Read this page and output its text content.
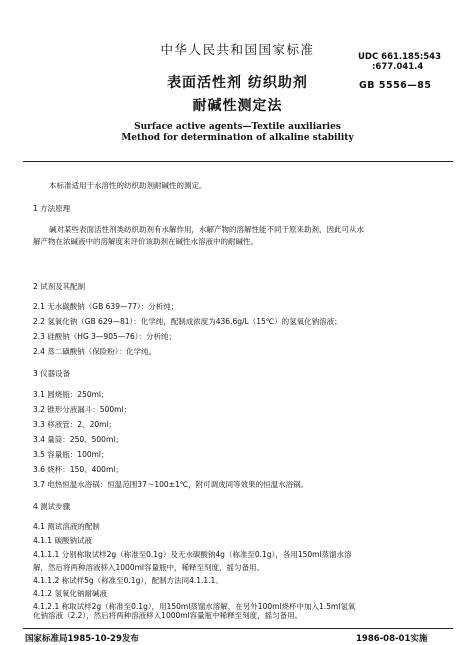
中华人民共和国国家标准	UDC 661.185:543
:677.041.4
GB 5556—85
表面活性剂 纺织助剂
耐碱性测定法
Surface active agents—Textile auxiliaries
Method for determination of alkaline stability
本标准适用于水溶性的纺织助剂耐碱性的测定。
1 方法原理
碱对某些表面活性剂类纺织助剂有水解作用，水解产物的溶解性能不同于原来助剂，因此可从水
解产物在浓碱液中的溶解度来评价该助剂在碱性水溶液中的耐碱性。
2 试剂及其配制
2.1 无水碳酸钠（GB 639—77）：分析纯；
2.2 氢氧化钠（GB 629—81）：化学纯，配制成浓度为436.6g/L（15℃）的氢氧化钠溶液；
2.3 硅酸钠（HG 3—905—76）：分析纯；
2.4 蒸二磺酸钠（保险粉）：化学纯。
3 仪器设备
3.1 圆烧瓶：250ml；
3.2 锥形分液漏斗：500ml；
3.3 移液管：2、20ml；
3.4 量筒：250、500ml；
3.5 容量瓶：100ml；
3.6 烧杯：150、400ml；
3.7 电热恒温水浴锅：恒温范围37～100±1℃，附可调成同等效果的恒温水浴锅。
4 测试步骤
4.1 测试溶液的配制
4.1.1 碳酸钠试液
4.1.1.1 分别称取试样2g（称准至0.1g）及无水碳酸钠4g（称准至0.1g），各用150ml蒸馏水溶
解，然后将两种溶液移入1000ml容量瓶中，稀释至刻度，摇匀备用。
4.1.1.2 称试样5g（称准至0.1g），配制方法同4.1.1.1。
4.1.2 氢氧化钠耐碱液
4.1.2.1 称取试样2g（称准至0.1g），用150ml蒸馏水溶解，在另外100ml烧杯中加入1.5ml氢氧
化钠溶液（2.2），然后将两种溶液移入1000ml容量瓶中稀释至刻度，摇匀备用。
国家标准局1985-10-29发布	1986-08-01实施
